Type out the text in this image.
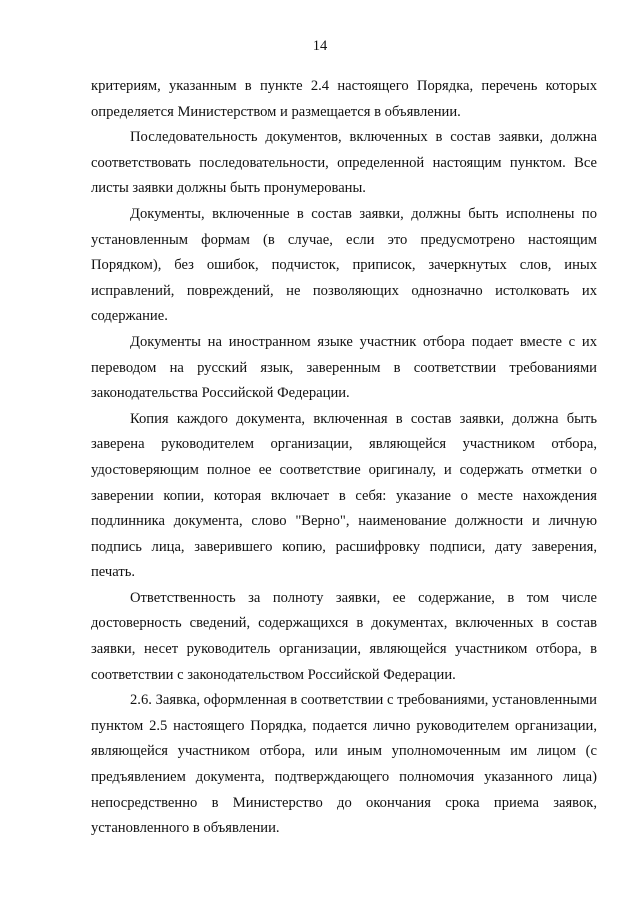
14

критериям, указанным в пункте 2.4 настоящего Порядка, перечень которых определяется Министерством и размещается в объявлении.

Последовательность документов, включенных в состав заявки, должна соответствовать последовательности, определенной настоящим пунктом. Все листы заявки должны быть пронумерованы.

Документы, включенные в состав заявки, должны быть исполнены по установленным формам (в случае, если это предусмотрено настоящим Порядком), без ошибок, подчисток, приписок, зачеркнутых слов, иных исправлений, повреждений, не позволяющих однозначно истолковать их содержание.

Документы на иностранном языке участник отбора подает вместе с их переводом на русский язык, заверенным в соответствии требованиями законодательства Российской Федерации.

Копия каждого документа, включенная в состав заявки, должна быть заверена руководителем организации, являющейся участником отбора, удостоверяющим полное ее соответствие оригиналу, и содержать отметки о заверении копии, которая включает в себя: указание о месте нахождения подлинника документа, слово "Верно", наименование должности и личную подпись лица, заверившего копию, расшифровку подписи, дату заверения, печать.

Ответственность за полноту заявки, ее содержание, в том числе достоверность сведений, содержащихся в документах, включенных в состав заявки, несет руководитель организации, являющейся участником отбора, в соответствии с законодательством Российской Федерации.

2.6. Заявка, оформленная в соответствии с требованиями, установленными пунктом 2.5 настоящего Порядка, подается лично руководителем организации, являющейся участником отбора, или иным уполномоченным им лицом (с предъявлением документа, подтверждающего полномочия указанного лица) непосредственно в Министерство до окончания срока приема заявок, установленного в объявлении.
